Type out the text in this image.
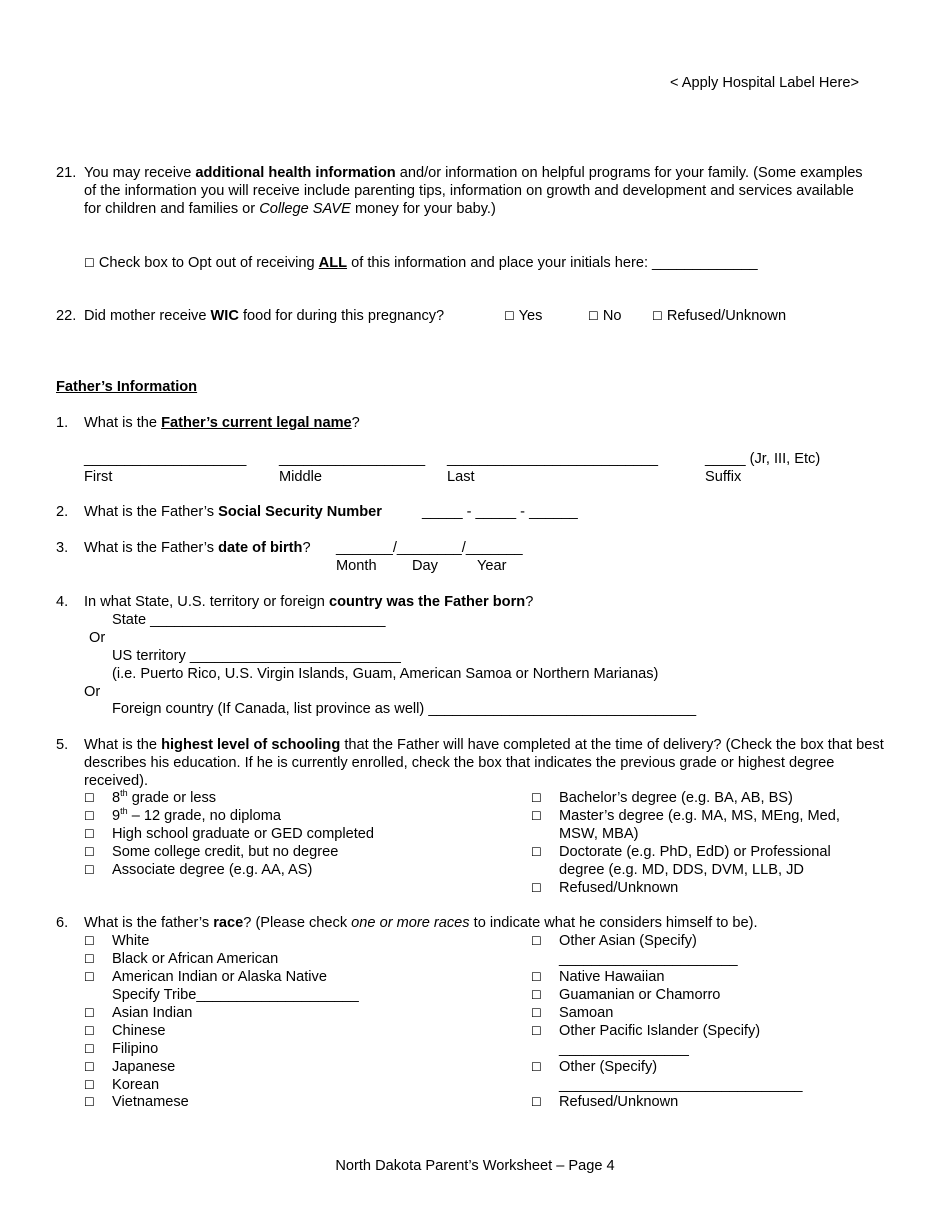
< Apply Hospital Label Here>
21. You may receive additional health information and/or information on helpful programs for your family. (Some examples of the information you will receive include parenting tips, information on growth and development and services available for children and families or College SAVE money for your baby.)
☐ Check box to Opt out of receiving ALL of this information and place your initials here: _____________
22. Did mother receive WIC food for during this pregnancy?	☐ Yes	☐ No	☐ Refused/Unknown
Father’s Information
1. What is the Father’s current legal name?
____________________ __________________ __________________________	_____ (Jr, III, Etc)
First	Middle	Last	Suffix
2. What is the Father’s Social Security Number	_____ - _____ - ______
3. What is the Father’s date of birth? _______/________/_______
Month Day	Year
4. In what State, U.S. territory or foreign country was the Father born?
State _____________________________
Or
US territory __________________________
(i.e. Puerto Rico, U.S. Virgin Islands, Guam, American Samoa or Northern Marianas)
Or
Foreign country (If Canada, list province as well) _________________________________
5. What is the highest level of schooling that the Father will have completed at the time of delivery? (Check the box that best describes his education. If he is currently enrolled, check the box that indicates the previous grade or highest degree received).
☐ 8th grade or less
☐ 9th – 12 grade, no diploma
☐ High school graduate or GED completed
☐ Some college credit, but no degree
☐ Associate degree (e.g. AA, AS)
☐ Bachelor’s degree (e.g. BA, AB, BS)
☐ Master’s degree (e.g. MA, MS, MEng, Med,
MSW, MBA)
☐ Doctorate (e.g. PhD, EdD) or Professional
degree (e.g. MD, DDS, DVM, LLB, JD
☐ Refused/Unknown
6. What is the father’s race? (Please check one or more races to indicate what he considers himself to be).
☐ White
☐ Black or African American
☐ American Indian or Alaska Native
Specify Tribe____________________
☐ Asian Indian
☐ Chinese
☐ Filipino
☐ Japanese
☐ Korean
☐ Vietnamese
☐ Other Asian (Specify)
______________________
☐ Native Hawaiian
☐ Guamanian or Chamorro
☐ Samoan
☐ Other Pacific Islander (Specify)
________________
☐ Other (Specify)
______________________________
☐ Refused/Unknown
North Dakota Parent’s Worksheet – Page 4
